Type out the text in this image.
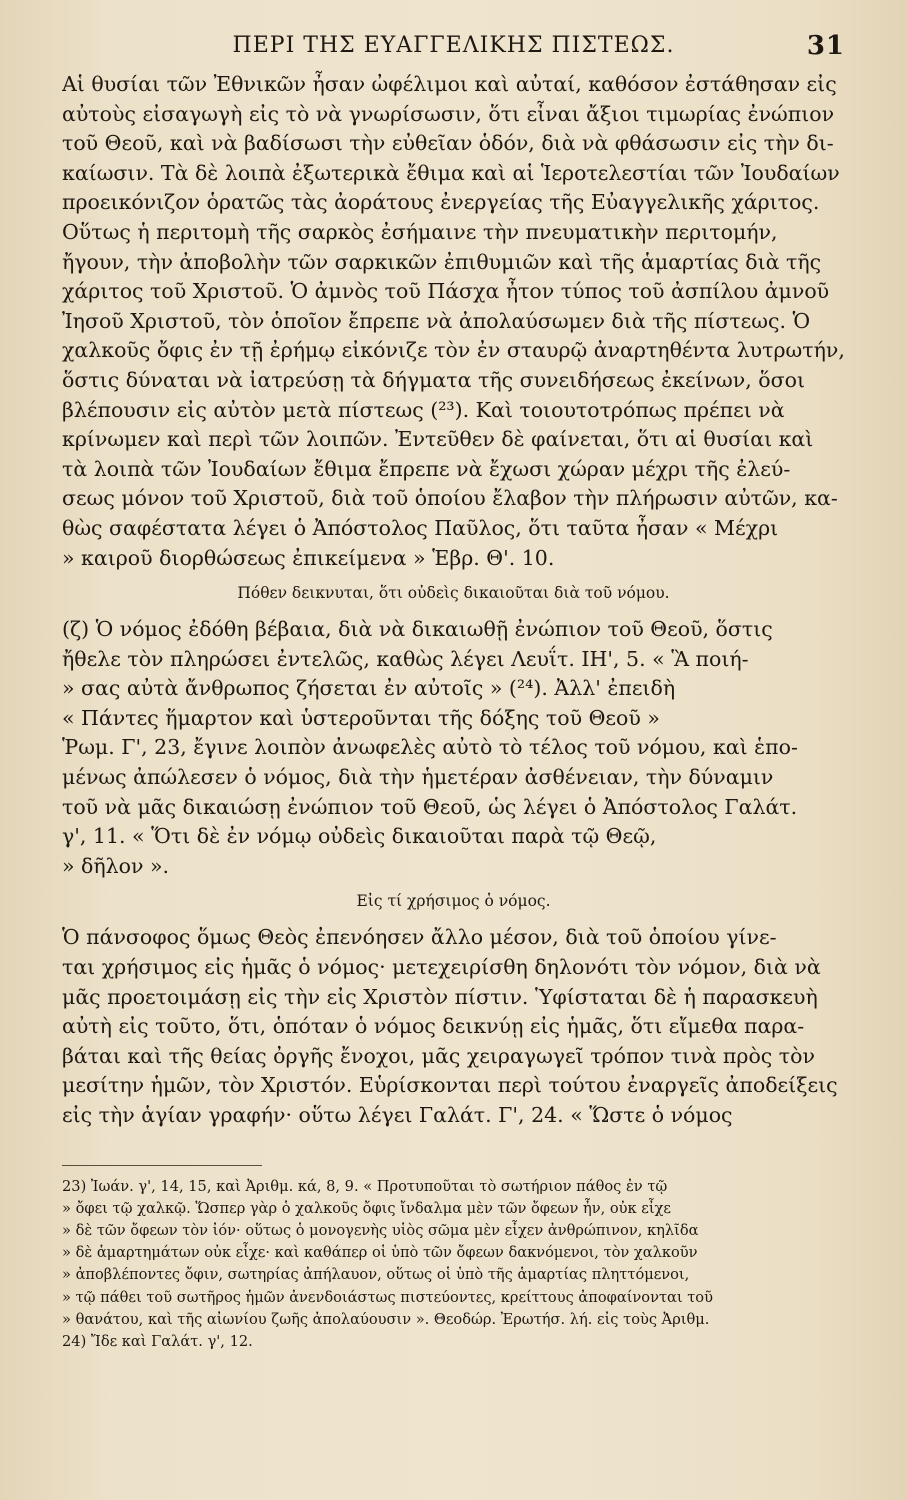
ΠΕΡΙ ΤΗΣ ΕΥΑΓΓΕΛΙΚΗΣ ΠΙΣΤΕΩΣ.	31

Αἱ θυσίαι τῶν Ἐθνικῶν ἦσαν ὠφέλιμοι καὶ αὐταί, καθόσον ἐστάθησαν εἰς
αὐτοὺς εἰσαγωγὴ εἰς τὸ νὰ γνωρίσωσιν, ὅτι εἶναι ἄξιοι τιμωρίας ἐνώπιον
τοῦ Θεοῦ, καὶ νὰ βαδίσωσι τὴν εὐθεῖαν ὁδόν, διὰ νὰ φθάσωσιν εἰς τὴν δι-
καίωσιν. Τὰ δὲ λοιπὰ ἐξωτερικὰ ἔθιμα καὶ αἱ Ἱεροτελεστίαι τῶν Ἰουδαίων
προεικόνιζον ὁρατῶς τὰς ἀοράτους ἐνεργείας τῆς Εὐαγγελικῆς χάριτος.
Οὕτως ἡ περιτομὴ τῆς σαρκὸς ἐσήμαινε τὴν πνευματικὴν περιτομήν,
ἤγουν, τὴν ἀποβολὴν τῶν σαρκικῶν ἐπιθυμιῶν καὶ τῆς ἁμαρτίας διὰ τῆς
χάριτος τοῦ Χριστοῦ. Ὁ ἀμνὸς τοῦ Πάσχα ἦτον τύπος τοῦ ἀσπίλου ἀμνοῦ
Ἰησοῦ Χριστοῦ, τὸν ὁποῖον ἔπρεπε νὰ ἀπολαύσωμεν διὰ τῆς πίστεως. Ὁ
χαλκοῦς ὄφις ἐν τῇ ἐρήμῳ εἰκόνιζε τὸν ἐν σταυρῷ ἀναρτηθέντα λυτρωτήν,
ὅστις δύναται νὰ ἰατρεύσῃ τὰ δήγματα τῆς συνειδήσεως ἐκείνων, ὅσοι
βλέπουσιν εἰς αὐτὸν μετὰ πίστεως (²³). Καὶ τοιουτοτρόπως πρέπει νὰ
κρίνωμεν καὶ περὶ τῶν λοιπῶν. Ἐντεῦθεν δὲ φαίνεται, ὅτι αἱ θυσίαι καὶ
τὰ λοιπὰ τῶν Ἰουδαίων ἔθιμα ἔπρεπε νὰ ἔχωσι χώραν μέχρι τῆς ἐλεύ-
σεως μόνον τοῦ Χριστοῦ, διὰ τοῦ ὁποίου ἔλαβον τὴν πλήρωσιν αὐτῶν, κα-
θὼς σαφέστατα λέγει ὁ Ἀπόστολος Παῦλος, ὅτι ταῦτα ἦσαν « Μέχρι
» καιροῦ διορθώσεως ἐπικείμενα » Ἑβρ. Θ'. 10.

Πόθεν δεικνυται, ὅτι οὐδεὶς δικαιοῦται διὰ τοῦ νόμου.

(ζ) Ὁ νόμος ἐδόθη βέβαια, διὰ νὰ δικαιωθῇ ἐνώπιον τοῦ Θεοῦ, ὅστις
ἤθελε τὸν πληρώσει ἐντελῶς, καθὼς λέγει Λευΐτ. ΙΗ', 5. « Ἃ ποιή-
» σας αὐτὰ ἄνθρωπος ζήσεται ἐν αὐτοῖς » (²⁴). Ἀλλ' ἐπειδὴ
« Πάντες ἥμαρτον καὶ ὑστεροῦνται τῆς δόξης τοῦ Θεοῦ »
Ῥωμ. Γ', 23, ἔγινε λοιπὸν ἀνωφελὲς αὐτὸ τὸ τέλος τοῦ νόμου, καὶ ἑπο-
μένως ἀπώλεσεν ὁ νόμος, διὰ τὴν ἡμετέραν ἀσθένειαν, τὴν δύναμιν
τοῦ νὰ μᾶς δικαιώσῃ ἐνώπιον τοῦ Θεοῦ, ὡς λέγει ὁ Ἀπόστολος Γαλάτ.
γ', 11. « Ὅτι δὲ ἐν νόμῳ οὐδεὶς δικαιοῦται παρὰ τῷ Θεῷ,
» δῆλον ».

Εἰς τί χρήσιμος ὁ νόμος.

Ὁ πάνσοφος ὅμως Θεὸς ἐπενόησεν ἄλλο μέσον, διὰ τοῦ ὁποίου γίνε-
ται χρήσιμος εἰς ἡμᾶς ὁ νόμος· μετεχειρίσθη δηλονότι τὸν νόμον, διὰ νὰ
μᾶς προετοιμάσῃ εἰς τὴν εἰς Χριστὸν πίστιν. Ὑφίσταται δὲ ἡ παρασκευὴ
αὐτὴ εἰς τοῦτο, ὅτι, ὁπόταν ὁ νόμος δεικνύῃ εἰς ἡμᾶς, ὅτι εἴμεθα παρα-
βάται καὶ τῆς θείας ὀργῆς ἔνοχοι, μᾶς χειραγωγεῖ τρόπον τινὰ πρὸς τὸν
μεσίτην ἡμῶν, τὸν Χριστόν. Εὑρίσκονται περὶ τούτου ἐναργεῖς ἀποδείξεις
εἰς τὴν ἁγίαν γραφήν· οὕτω λέγει Γαλάτ. Γ', 24. « Ὥστε ὁ νόμος

23) Ἰωάν. γ', 14, 15, καὶ Ἀριθμ. κά, 8, 9. « Προτυποῦται τὸ σωτήριον πάθος ἐν τῷ
» ὄφει τῷ χαλκῷ. Ὥσπερ γὰρ ὁ χαλκοῦς ὄφις ἴνδαλμα μὲν τῶν ὄφεων ἦν, οὐκ εἶχε
» δὲ τῶν ὄφεων τὸν ἰόν· οὕτως ὁ μονογενὴς υἱὸς σῶμα μὲν εἶχεν ἀνθρώπινον, κηλῖδα
» δὲ ἁμαρτημάτων οὐκ εἶχε· καὶ καθάπερ οἱ ὑπὸ τῶν ὄφεων δακνόμενοι, τὸν χαλκοῦν
» ἀποβλέποντες ὄφιν, σωτηρίας ἀπήλαυον, οὕτως οἱ ὑπὸ τῆς ἁμαρτίας πληττόμενοι,
» τῷ πάθει τοῦ σωτῆρος ἡμῶν ἀνενδοιάστως πιστεύοντες, κρείττους ἀποφαίνονται τοῦ
» θανάτου, καὶ τῆς αἰωνίου ζωῆς ἀπολαύουσιν ». Θεοδώρ. Ἐρωτήσ. λή. εἰς τοὺς Ἀριθμ.
24) Ἴδε καὶ Γαλάτ. γ', 12.
